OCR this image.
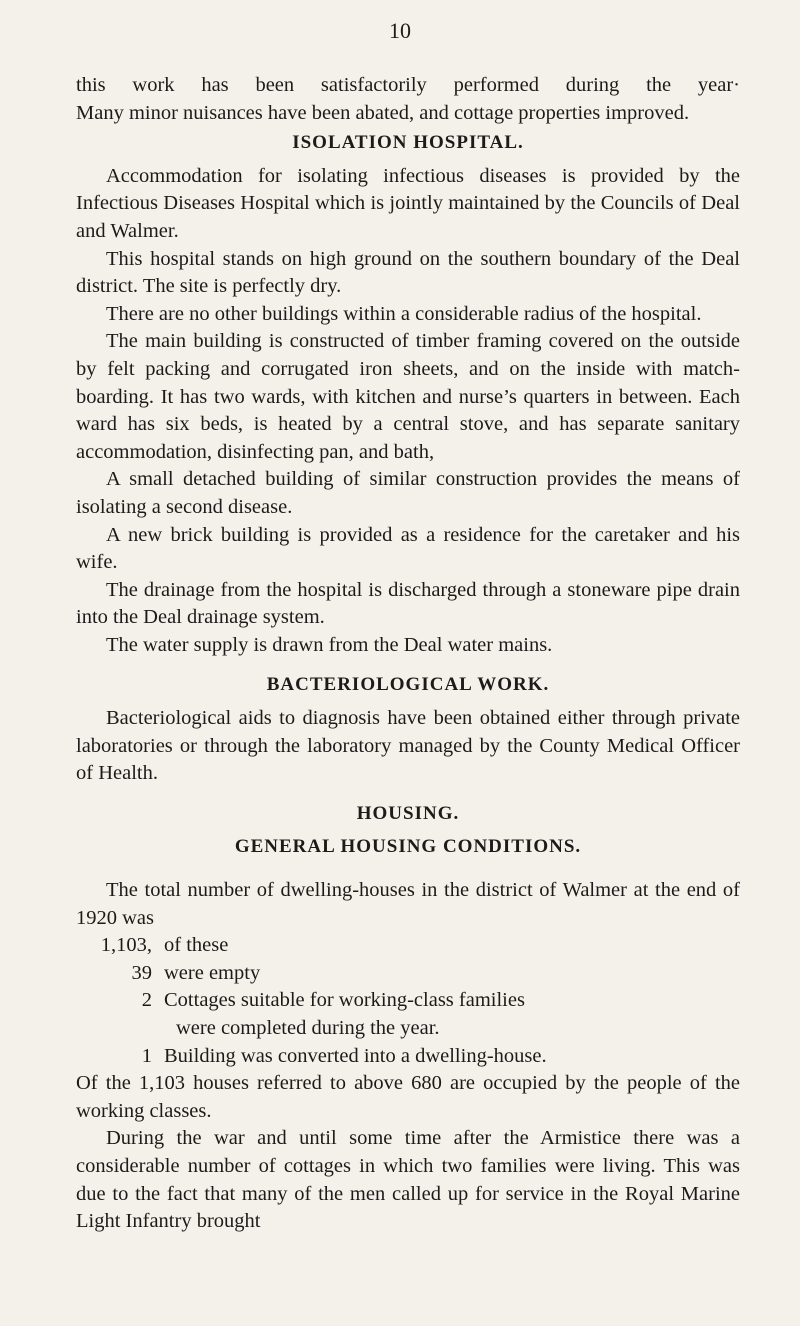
10

this work has been satisfactorily performed during the year·

Many minor nuisances have been abated, and cottage properties improved.

ISOLATION HOSPITAL.

Accommodation for isolating infectious diseases is provided by the Infectious Diseases Hospital which is jointly maintained by the Councils of Deal and Walmer.

This hospital stands on high ground on the southern boundary of the Deal district. The site is perfectly dry.

There are no other buildings within a considerable radius of the hospital.

The main building is constructed of timber framing covered on the outside by felt packing and corrugated iron sheets, and on the inside with match-boarding. It has two wards, with kitchen and nurse’s quarters in between. Each ward has six beds, is heated by a central stove, and has separate sanitary accommodation, disinfecting pan, and bath,

A small detached building of similar construction provides the means of isolating a second disease.

A new brick building is provided as a residence for the caretaker and his wife.

The drainage from the hospital is discharged through a stoneware pipe drain into the Deal drainage system.

The water supply is drawn from the Deal water mains.

BACTERIOLOGICAL WORK.

Bacteriological aids to diagnosis have been obtained either through private laboratories or through the laboratory managed by the County Medical Officer of Health.

HOUSING.

GENERAL HOUSING CONDITIONS.

The total number of dwelling-houses in the district of Walmer at the end of 1920 was

1,103, of these
39 were empty
2 Cottages suitable for working-class families

were completed during the year.

1 Building was converted into a dwelling-house.

Of the 1,103 houses referred to above 680 are occupied by the people of the working classes.

During the war and until some time after the Armistice there was a considerable number of cottages in which two families were living. This was due to the fact that many of the men called up for service in the Royal Marine Light Infantry brought
